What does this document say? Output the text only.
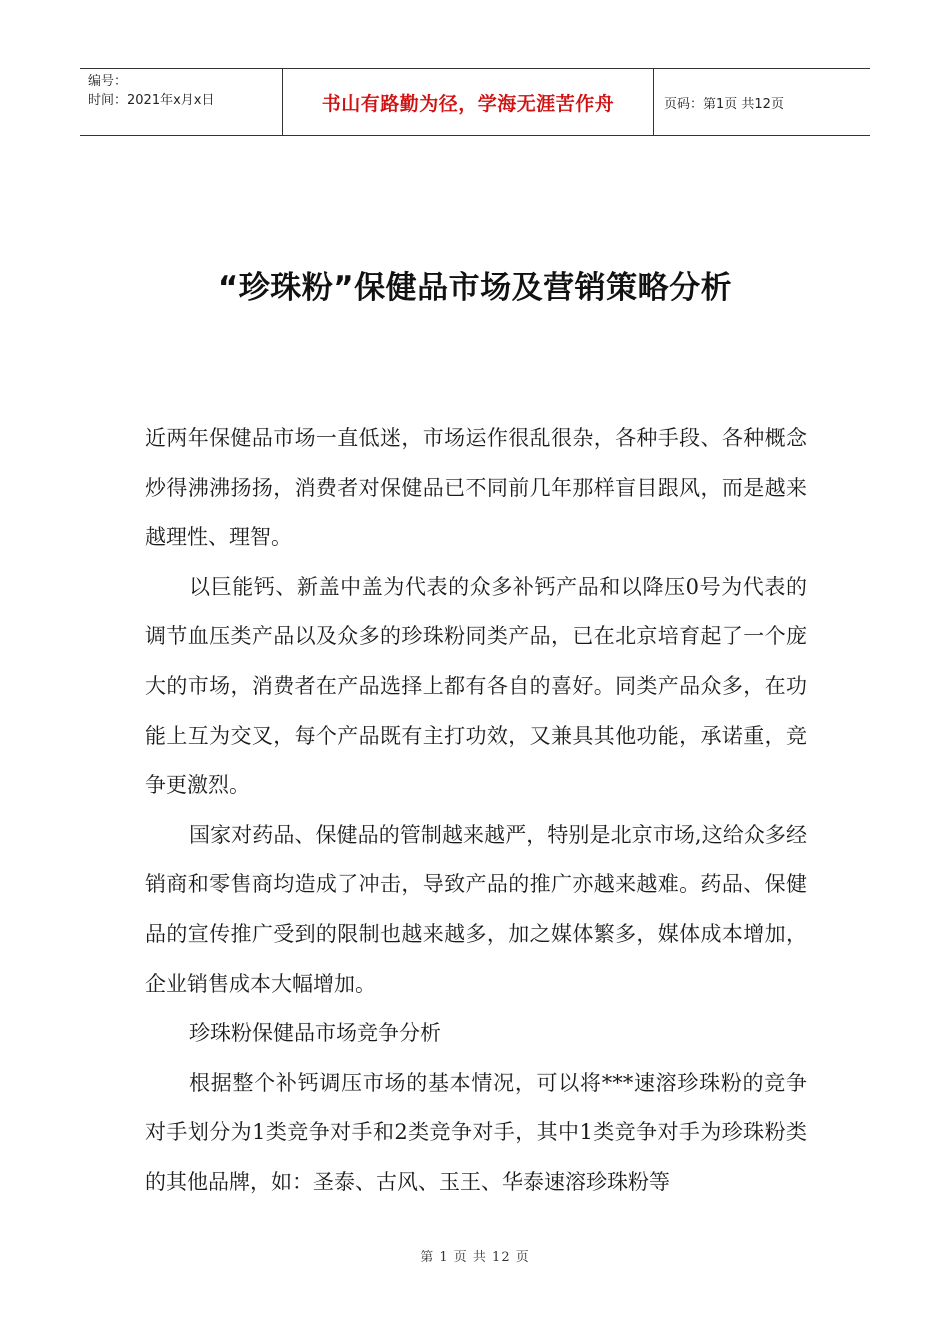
编号：
时间：2021年x月x日	书山有路勤为径，学海无涯苦作舟	页码：第1页 共12页
“珍珠粉”保健品市场及营销策略分析

近两年保健品市场一直低迷，市场运作很乱很杂，各种手段、各种概念炒得沸沸扬扬，消费者对保健品已不同前几年那样盲目跟风，而是越来越理性、理智。

以巨能钙、新盖中盖为代表的众多补钙产品和以降压0号为代表的调节血压类产品以及众多的珍珠粉同类产品，已在北京培育起了一个庞大的市场，消费者在产品选择上都有各自的喜好。同类产品众多，在功能上互为交叉，每个产品既有主打功效，又兼具其他功能，承诺重，竞争更激烈。

国家对药品、保健品的管制越来越严，特别是北京市场,这给众多经销商和零售商均造成了冲击，导致产品的推广亦越来越难。药品、保健品的宣传推广受到的限制也越来越多，加之媒体繁多，媒体成本增加，企业销售成本大幅增加。

珍珠粉保健品市场竞争分析

根据整个补钙调压市场的基本情况，可以将***速溶珍珠粉的竞争对手划分为1类竞争对手和2类竞争对手，其中1类竞争对手为珍珠粉类的其他品牌，如：圣泰、古风、玉王、华泰速溶珍珠粉等

第 1 页 共 12 页
